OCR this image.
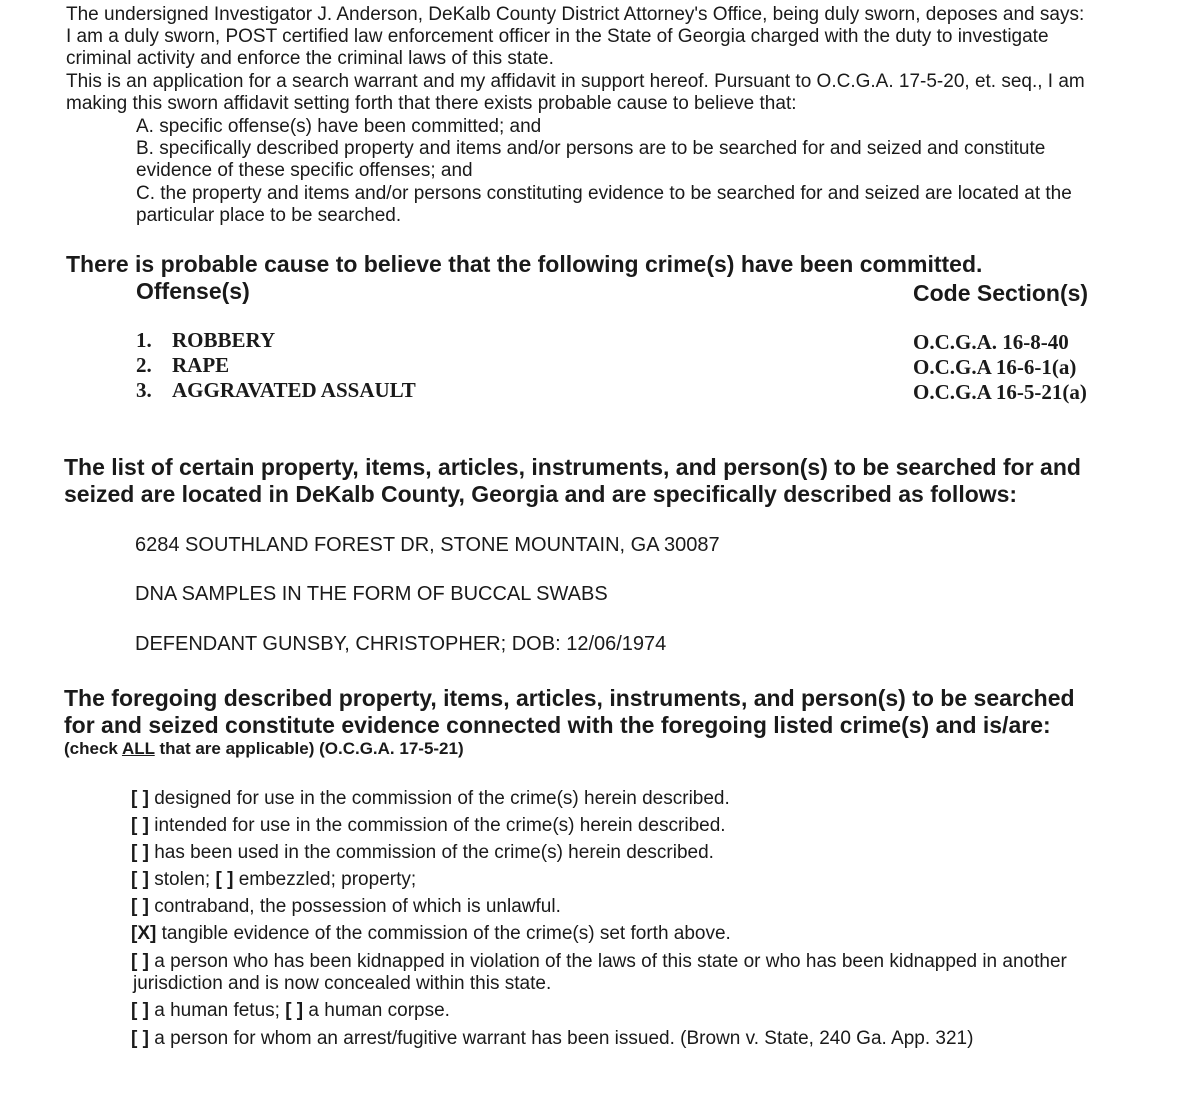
The undersigned Investigator J. Anderson, DeKalb County District Attorney's Office, being duly sworn, deposes and says:
I am a duly sworn, POST certified law enforcement officer in the State of Georgia charged with the duty to investigate
criminal activity and enforce the criminal laws of this state.
This is an application for a search warrant and my affidavit in support hereof. Pursuant to O.C.G.A. 17-5-20, et. seq., I am
making this sworn affidavit setting forth that there exists probable cause to believe that:
A. specific offense(s) have been committed; and
B. specifically described property and items and/or persons are to be searched for and seized and constitute
evidence of these specific offenses; and
C. the property and items and/or persons constituting evidence to be searched for and seized are located at the
particular place to be searched.
There is probable cause to believe that the following crime(s) have been committed.
Offense(s)	Code Section(s)
1. ROBBERY	O.C.G.A. 16-8-40
2. RAPE	O.C.G.A 16-6-1(a)
3. AGGRAVATED ASSAULT	O.C.G.A 16-5-21(a)
The list of certain property, items, articles, instruments, and person(s) to be searched for and
seized are located in DeKalb County, Georgia and are specifically described as follows:
6284 SOUTHLAND FOREST DR, STONE MOUNTAIN, GA 30087
DNA SAMPLES IN THE FORM OF BUCCAL SWABS
DEFENDANT GUNSBY, CHRISTOPHER; DOB: 12/06/1974
The foregoing described property, items, articles, instruments, and person(s) to be searched
for and seized constitute evidence connected with the foregoing listed crime(s) and is/are:
(check ALL that are applicable) (O.C.G.A. 17-5-21)
[ ] designed for use in the commission of the crime(s) herein described.
[ ] intended for use in the commission of the crime(s) herein described.
[ ] has been used in the commission of the crime(s) herein described.
[ ] stolen; [ ] embezzled; property;
[ ] contraband, the possession of which is unlawful.
[X] tangible evidence of the commission of the crime(s) set forth above.
[ ] a person who has been kidnapped in violation of the laws of this state or who has been kidnapped in another
jurisdiction and is now concealed within this state.
[ ] a human fetus; [ ] a human corpse.
[ ] a person for whom an arrest/fugitive warrant has been issued. (Brown v. State, 240 Ga. App. 321)
